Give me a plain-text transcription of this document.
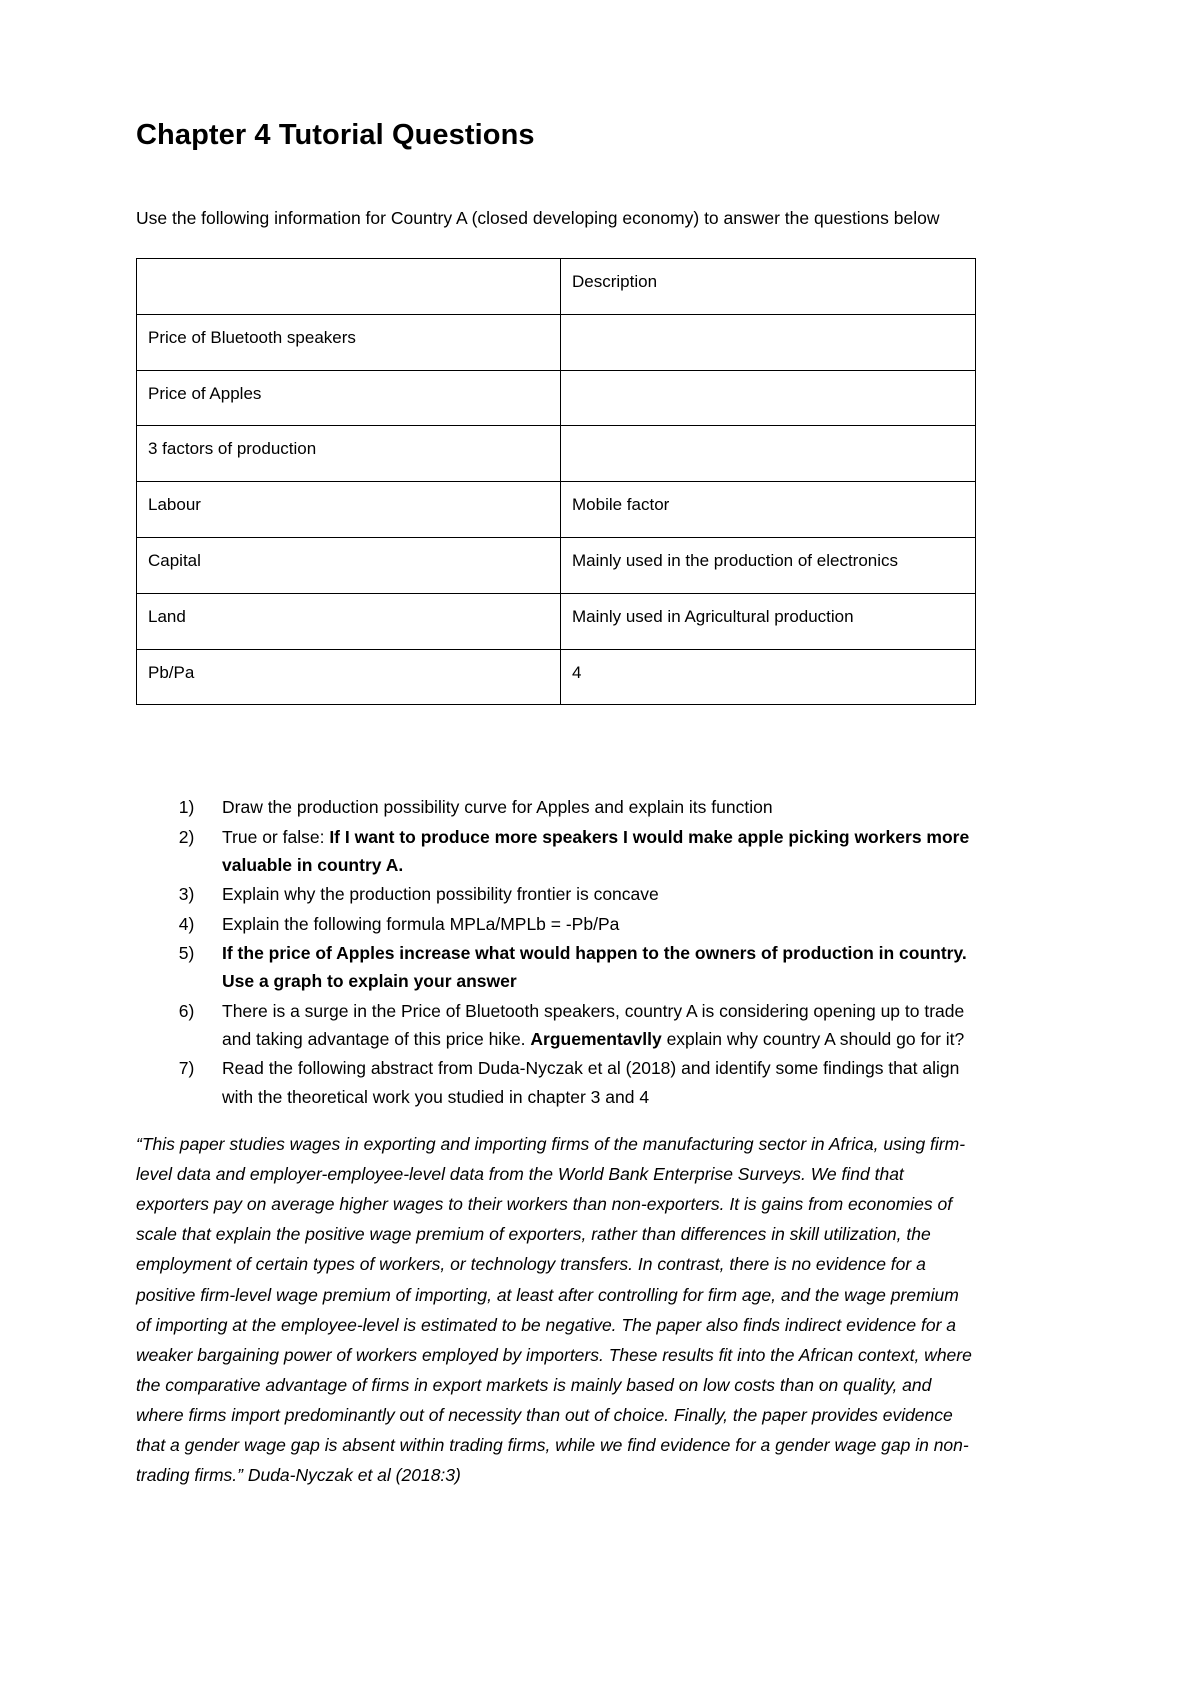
Chapter 4 Tutorial Questions

Use the following information for Country A (closed developing economy) to answer the questions below

	Description
Price of Bluetooth speakers	
Price of Apples	
3 factors of production	
Labour	Mobile factor
Capital	Mainly used in the production of electronics
Land	Mainly used in Agricultural production
Pb/Pa	4
1. Draw the production possibility curve for Apples and explain its function
2. True or false: If I want to produce more speakers I would make apple picking workers more valuable in country A.
3. Explain why the production possibility frontier is concave
4. Explain the following formula MPLa/MPLb = -Pb/Pa
5. If the price of Apples increase what would happen to the owners of production in country. Use a graph to explain your answer
6. There is a surge in the Price of Bluetooth speakers, country A is considering opening up to trade and taking advantage of this price hike. Arguementavlly explain why country A should go for it?
7. Read the following abstract from Duda-Nyczak et al (2018) and identify some findings that align with the theoretical work you studied in chapter 3 and 4

“This paper studies wages in exporting and importing firms of the manufacturing sector in Africa, using firm-level data and employer-employee-level data from the World Bank Enterprise Surveys. We find that exporters pay on average higher wages to their workers than non-exporters. It is gains from economies of scale that explain the positive wage premium of exporters, rather than differences in skill utilization, the employment of certain types of workers, or technology transfers. In contrast, there is no evidence for a positive firm-level wage premium of importing, at least after controlling for firm age, and the wage premium of importing at the employee-level is estimated to be negative. The paper also finds indirect evidence for a weaker bargaining power of workers employed by importers. These results fit into the African context, where the comparative advantage of firms in export markets is mainly based on low costs than on quality, and where firms import predominantly out of necessity than out of choice. Finally, the paper provides evidence that a gender wage gap is absent within trading firms, while we find evidence for a gender wage gap in non-trading firms.” Duda-Nyczak et al (2018:3)
